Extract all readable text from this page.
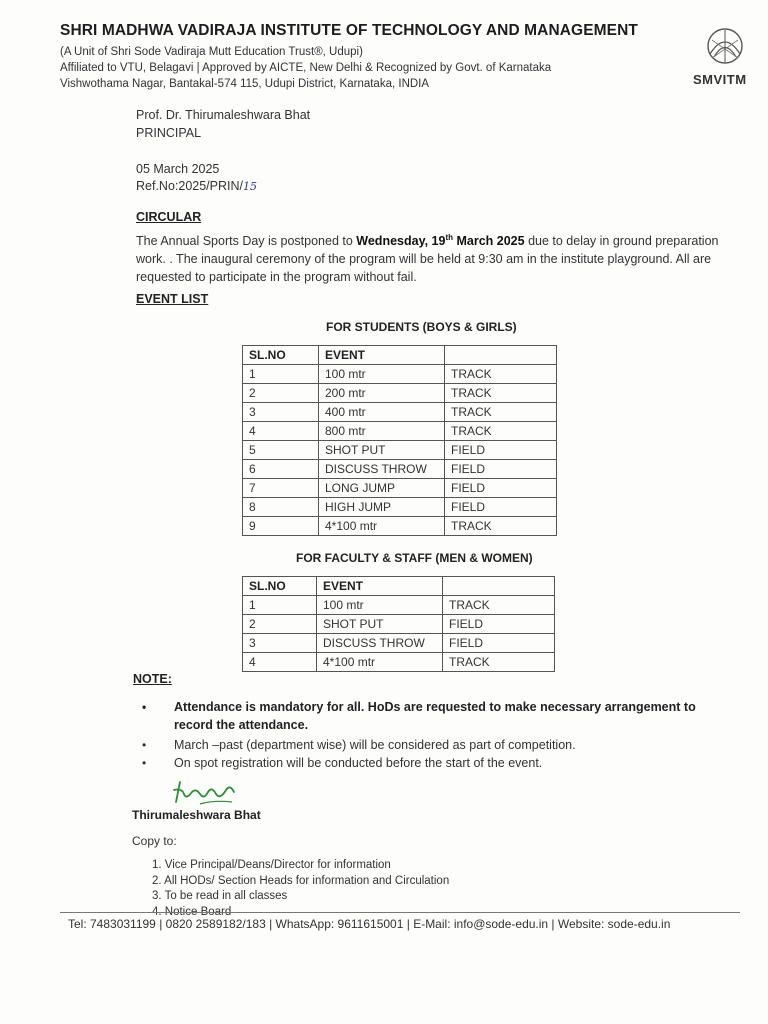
SHRI MADHWA VADIRAJA INSTITUTE OF TECHNOLOGY AND MANAGEMENT
(A Unit of Shri Sode Vadiraja Mutt Education Trust®, Udupi)
Affiliated to VTU, Belagavi | Approved by AICTE, New Delhi & Recognized by Govt. of Karnataka
Vishwothama Nagar, Bantakal-574 115, Udupi District, Karnataka, INDIA	SMVITM
Prof. Dr. Thirumaleshwara Bhat
PRINCIPAL
05 March 2025
Ref.No:2025/PRIN/15
CIRCULAR
The Annual Sports Day is postponed to Wednesday, 19th March 2025 due to delay in ground preparation work. . The inaugural ceremony of the program will be held at 9:30 am in the institute playground. All are requested to participate in the program without fail.
EVENT LIST
FOR STUDENTS (BOYS & GIRLS)
SL.NO	EVENT	
1	100 mtr	TRACK
2	200 mtr	TRACK
3	400 mtr	TRACK
4	800 mtr	TRACK
5	SHOT PUT	FIELD
6	DISCUSS THROW	FIELD
7	LONG JUMP	FIELD
8	HIGH JUMP	FIELD
9	4*100 mtr	TRACK
FOR FACULTY & STAFF (MEN & WOMEN)
SL.NO	EVENT	
1	100 mtr	TRACK
2	SHOT PUT	FIELD
3	DISCUSS THROW	FIELD
4	4*100 mtr	TRACK
NOTE:
• Attendance is mandatory for all. HoDs are requested to make necessary arrangement to record the attendance.
• March –past (department wise) will be considered as part of competition.
• On spot registration will be conducted before the start of the event.
Thirumaleshwara Bhat
Copy to:
1. Vice Principal/Deans/Director for information
2. All HODs/ Section Heads for information and Circulation
3. To be read in all classes
4. Notice Board
Tel: 7483031199 | 0820 2589182/183 | WhatsApp: 9611615001 | E-Mail: info@sode-edu.in | Website: sode-edu.in
